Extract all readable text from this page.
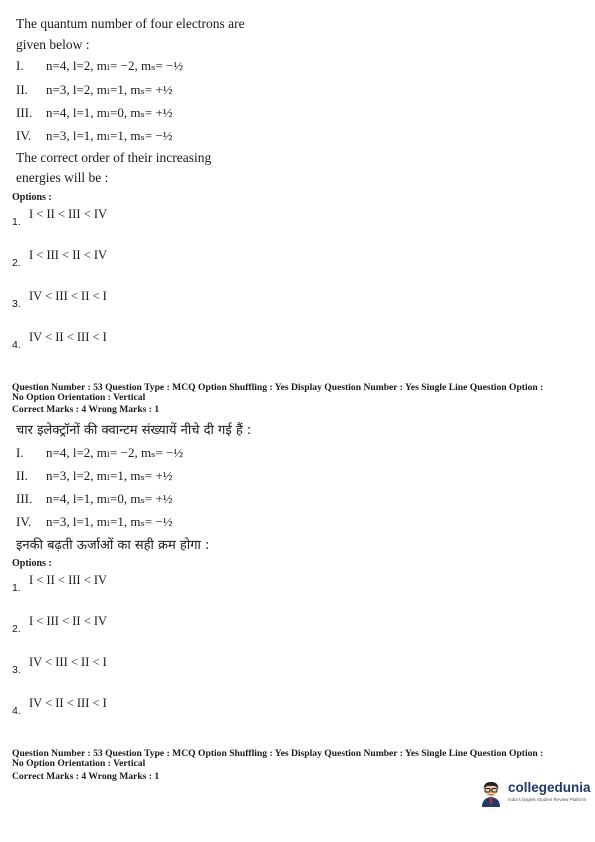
The quantum number of four electrons are
given below :
I. n=4, l=2, mₗ= −2, mₛ= −½
II. n=3, l=2, mₗ=1, mₛ= +½
III. n=4, l=1, mₗ=0, mₛ= +½
IV. n=3, l=1, mₗ=1, mₛ= −½
The correct order of their increasing
energies will be :
Options :
1.
I < II < III < IV
2.
I < III < II < IV
3.
IV < III < II < I
4.
IV < II < III < I
Question Number : 53 Question Type : MCQ Option Shuffling : Yes Display Question Number : Yes Single Line Question Option :
No Option Orientation : Vertical
Correct Marks : 4 Wrong Marks : 1
चार इलेक्ट्रॉनों की क्वान्टम संख्यायें नीचे दी गई हैं :
I. n=4, l=2, mₗ= −2, mₛ= −½
II. n=3, l=2, mₗ=1, mₛ= +½
III. n=4, l=1, mₗ=0, mₛ= +½
IV. n=3, l=1, mₗ=1, mₛ= −½
इनकी बढ़ती ऊर्जाओं का सही क्रम होगा :
Options :
1.
I < II < III < IV
2.
I < III < II < IV
3.
IV < III < II < I
4.
IV < II < III < I
Question Number : 53 Question Type : MCQ Option Shuffling : Yes Display Question Number : Yes Single Line Question Option :
No Option Orientation : Vertical
Correct Marks : 4 Wrong Marks : 1
collegedunia
India's largest Student Review Platform
